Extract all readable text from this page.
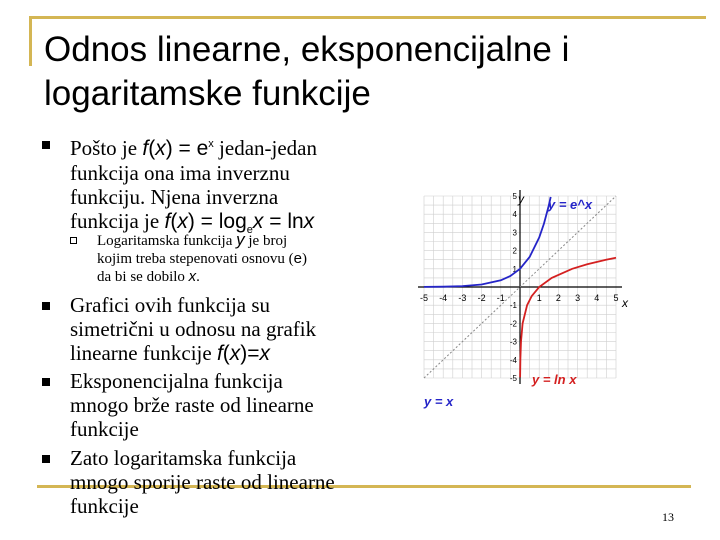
Odnos linearne, eksponencijalne i
logaritamske funkcije
Pošto je $f(x) = e^x$ jedan-jedan
funkcija ona ima inverznu
funkciju. Njena inverzna
funkcija je $f(x) = \log_ex = \ln x$
Logaritamska funkcija y je broj
kojim treba stepenovati osnovu (e)
da bi se dobilo x.
Grafici ovih funkcija su
simetrični u odnosu na grafik
linearne funkcije f(x)=x
Eksponencijalna funkcija
mnogo brže raste od linearne
funkcije
Zato logaritamska funkcija
mnogo sporije raste od linearne
funkcije
-5 -4 -3 -2 -1	1 2 3 4 5
-5
-4
-3
-2
-1
1
2
3
4
5 y
x
y = e^x
y = ln x
y = x
13
